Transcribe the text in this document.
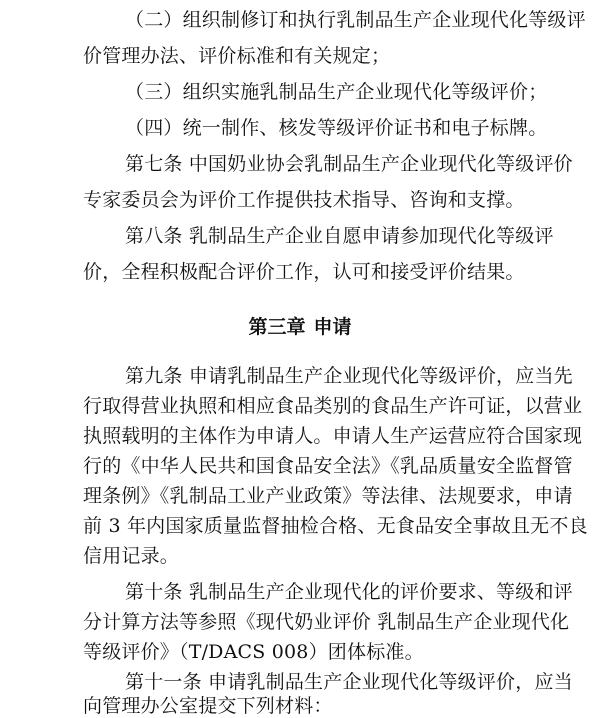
（二）组织制修订和执行乳制品生产企业现代化等级评
价管理办法、评价标准和有关规定；
（三）组织实施乳制品生产企业现代化等级评价；
（四）统一制作、核发等级评价证书和电子标牌。
第七条 中国奶业协会乳制品生产企业现代化等级评价
专家委员会为评价工作提供技术指导、咨询和支撑。
第八条 乳制品生产企业自愿申请参加现代化等级评
价，全程积极配合评价工作，认可和接受评价结果。
第三章 申请
第九条 申请乳制品生产企业现代化等级评价，应当先
行取得营业执照和相应食品类别的食品生产许可证，以营业
执照载明的主体作为申请人。申请人生产运营应符合国家现
行的《中华人民共和国食品安全法》《乳品质量安全监督管
理条例》《乳制品工业产业政策》等法律、法规要求，申请
前 3 年内国家质量监督抽检合格、无食品安全事故且无不良
信用记录。
第十条 乳制品生产企业现代化的评价要求、等级和评
分计算方法等参照《现代奶业评价 乳制品生产企业现代化
等级评价》（T/DACS 008）团体标准。
第十一条 申请乳制品生产企业现代化等级评价，应当
向管理办公室提交下列材料：
